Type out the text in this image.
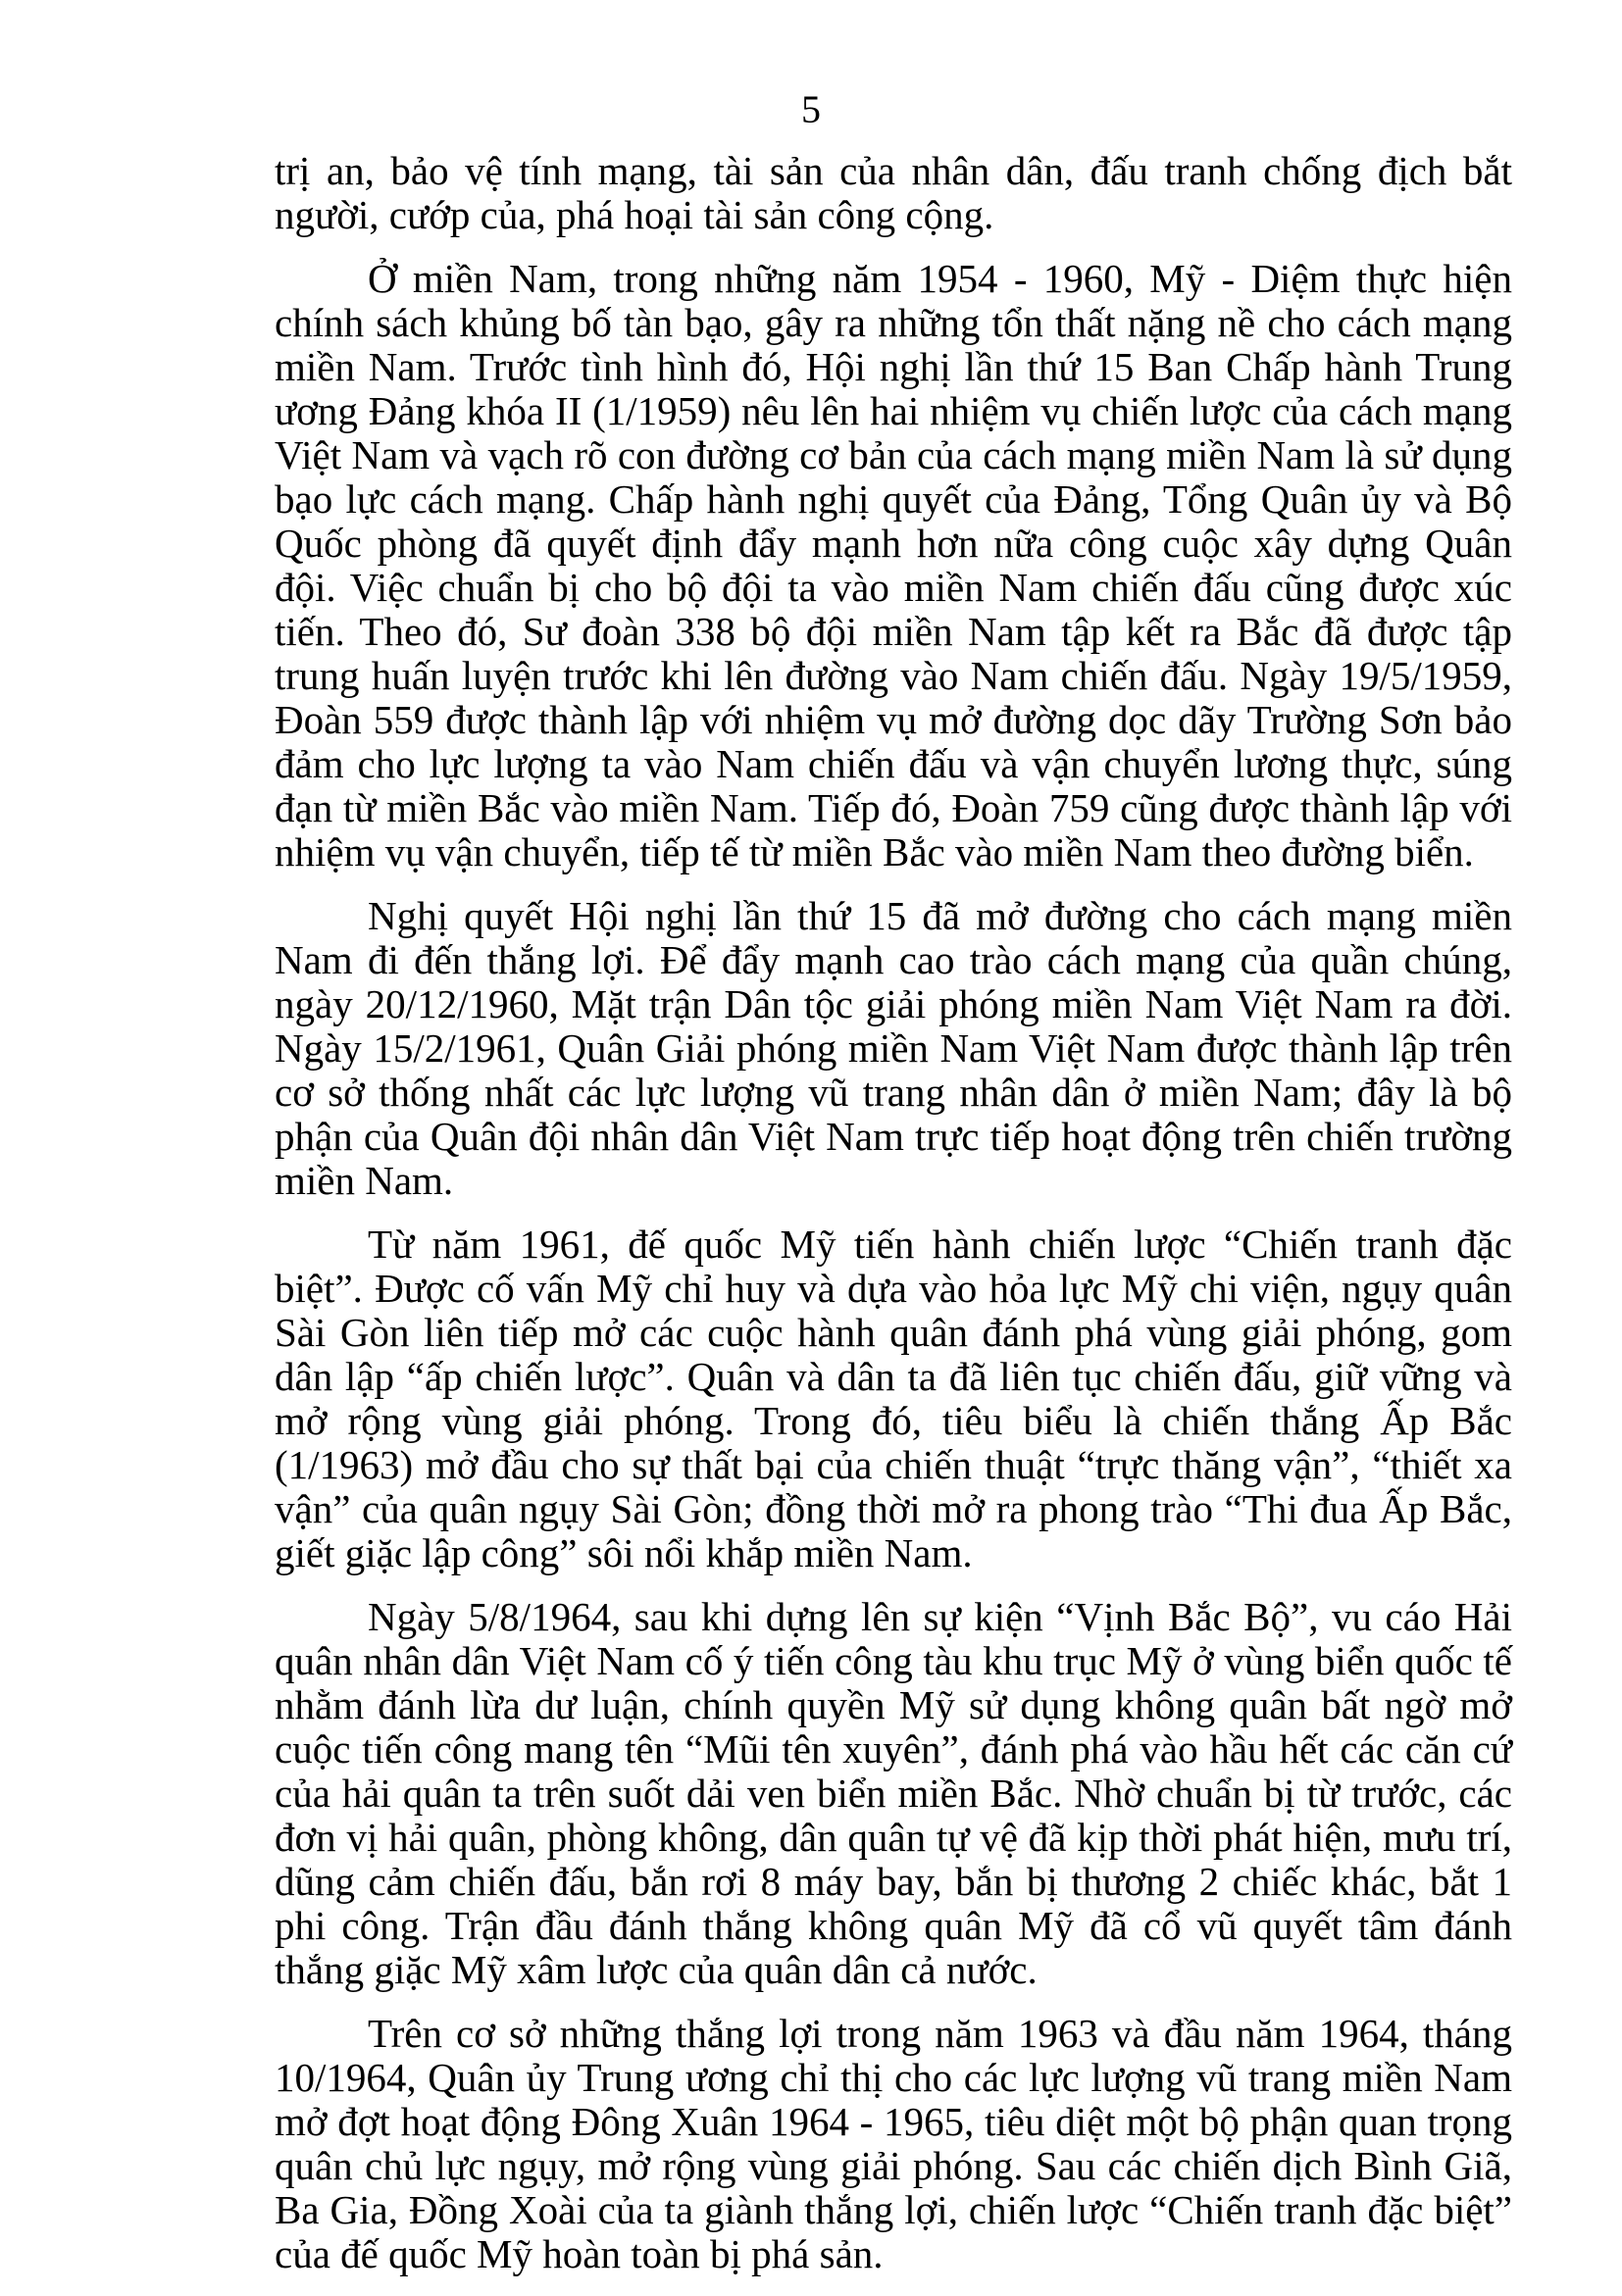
5

trị an, bảo vệ tính mạng, tài sản của nhân dân, đấu tranh chống địch bắt người, cướp của, phá hoại tài sản công cộng.

Ở miền Nam, trong những năm 1954 - 1960, Mỹ - Diệm thực hiện chính sách khủng bố tàn bạo, gây ra những tổn thất nặng nề cho cách mạng miền Nam. Trước tình hình đó, Hội nghị lần thứ 15 Ban Chấp hành Trung ương Đảng khóa II (1/1959) nêu lên hai nhiệm vụ chiến lược của cách mạng Việt Nam và vạch rõ con đường cơ bản của cách mạng miền Nam là sử dụng bạo lực cách mạng. Chấp hành nghị quyết của Đảng, Tổng Quân ủy và Bộ Quốc phòng đã quyết định đẩy mạnh hơn nữa công cuộc xây dựng Quân đội. Việc chuẩn bị cho bộ đội ta vào miền Nam chiến đấu cũng được xúc tiến. Theo đó, Sư đoàn 338 bộ đội miền Nam tập kết ra Bắc đã được tập trung huấn luyện trước khi lên đường vào Nam chiến đấu. Ngày 19/5/1959, Đoàn 559 được thành lập với nhiệm vụ mở đường dọc dãy Trường Sơn bảo đảm cho lực lượng ta vào Nam chiến đấu và vận chuyển lương thực, súng đạn từ miền Bắc vào miền Nam. Tiếp đó, Đoàn 759 cũng được thành lập với nhiệm vụ vận chuyển, tiếp tế từ miền Bắc vào miền Nam theo đường biển.

Nghị quyết Hội nghị lần thứ 15 đã mở đường cho cách mạng miền Nam đi đến thắng lợi. Để đẩy mạnh cao trào cách mạng của quần chúng, ngày 20/12/1960, Mặt trận Dân tộc giải phóng miền Nam Việt Nam ra đời. Ngày 15/2/1961, Quân Giải phóng miền Nam Việt Nam được thành lập trên cơ sở thống nhất các lực lượng vũ trang nhân dân ở miền Nam; đây là bộ phận của Quân đội nhân dân Việt Nam trực tiếp hoạt động trên chiến trường miền Nam.

Từ năm 1961, đế quốc Mỹ tiến hành chiến lược “Chiến tranh đặc biệt”. Được cố vấn Mỹ chỉ huy và dựa vào hỏa lực Mỹ chi viện, ngụy quân Sài Gòn liên tiếp mở các cuộc hành quân đánh phá vùng giải phóng, gom dân lập “ấp chiến lược”. Quân và dân ta đã liên tục chiến đấu, giữ vững và mở rộng vùng giải phóng. Trong đó, tiêu biểu là chiến thắng Ấp Bắc (1/1963) mở đầu cho sự thất bại của chiến thuật “trực thăng vận”, “thiết xa vận” của quân ngụy Sài Gòn; đồng thời mở ra phong trào “Thi đua Ấp Bắc, giết giặc lập công” sôi nổi khắp miền Nam.

Ngày 5/8/1964, sau khi dựng lên sự kiện “Vịnh Bắc Bộ”, vu cáo Hải quân nhân dân Việt Nam cố ý tiến công tàu khu trục Mỹ ở vùng biển quốc tế nhằm đánh lừa dư luận, chính quyền Mỹ sử dụng không quân bất ngờ mở cuộc tiến công mang tên “Mũi tên xuyên”, đánh phá vào hầu hết các căn cứ của hải quân ta trên suốt dải ven biển miền Bắc. Nhờ chuẩn bị từ trước, các đơn vị hải quân, phòng không, dân quân tự vệ đã kịp thời phát hiện, mưu trí, dũng cảm chiến đấu, bắn rơi 8 máy bay, bắn bị thương 2 chiếc khác, bắt 1 phi công. Trận đầu đánh thắng không quân Mỹ đã cổ vũ quyết tâm đánh thắng giặc Mỹ xâm lược của quân dân cả nước.

Trên cơ sở những thắng lợi trong năm 1963 và đầu năm 1964, tháng 10/1964, Quân ủy Trung ương chỉ thị cho các lực lượng vũ trang miền Nam mở đợt hoạt động Đông Xuân 1964 - 1965, tiêu diệt một bộ phận quan trọng quân chủ lực ngụy, mở rộng vùng giải phóng. Sau các chiến dịch Bình Giã, Ba Gia, Đồng Xoài của ta giành thắng lợi, chiến lược “Chiến tranh đặc biệt” của đế quốc Mỹ hoàn toàn bị phá sản.
